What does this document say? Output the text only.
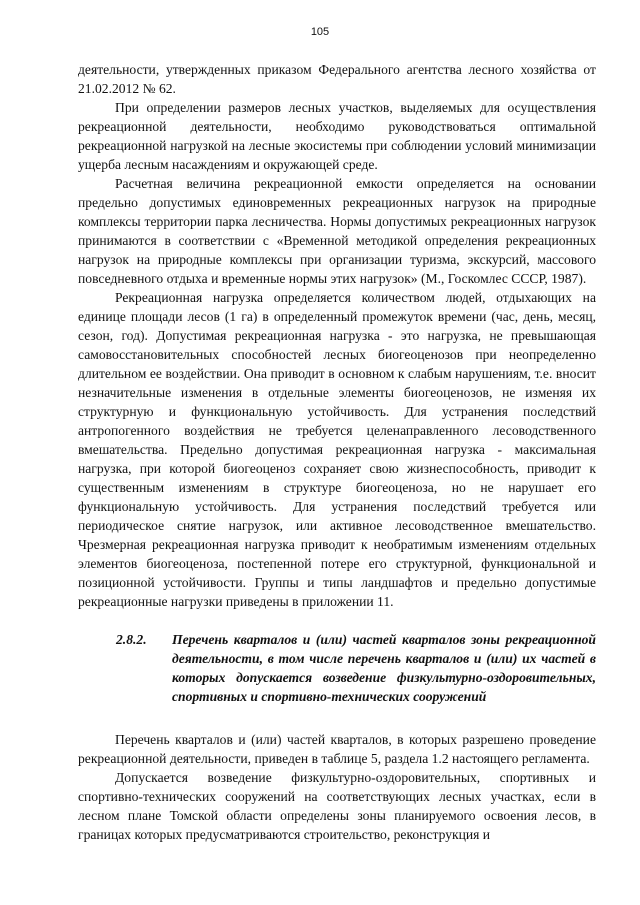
105

деятельности, утвержденных приказом Федерального агентства лесного хозяйства от 21.02.2012 № 62.

При определении размеров лесных участков, выделяемых для осуществления рекреационной деятельности, необходимо руководствоваться оптимальной рекреационной нагрузкой на лесные экосистемы при соблюдении условий минимизации ущерба лесным насаждениям и окружающей среде.

Расчетная величина рекреационной емкости определяется на основании предельно допустимых единовременных рекреационных нагрузок на природные комплексы территории парка лесничества. Нормы допустимых рекреационных нагрузок принимаются в соответствии с «Временной методикой определения рекреационных нагрузок на природные комплексы при организации туризма, экскурсий, массового повседневного отдыха и временные нормы этих нагрузок» (М., Госкомлес СССР, 1987).

Рекреационная нагрузка определяется количеством людей, отдыхающих на единице площади лесов (1 га) в определенный промежуток времени (час, день, месяц, сезон, год). Допустимая рекреационная нагрузка - это нагрузка, не превышающая самовосстановительных способностей лесных биогеоценозов при неопределенно длительном ее воздействии. Она приводит в основном к слабым нарушениям, т.е. вносит незначительные изменения в отдельные элементы биогеоценозов, не изменяя их структурную и функциональную устойчивость. Для устранения последствий антропогенного воздействия не требуется целенаправленного лесоводственного вмешательства. Предельно допустимая рекреационная нагрузка - максимальная нагрузка, при которой биогеоценоз сохраняет свою жизнеспособность, приводит к существенным изменениям в структуре биогеоценоза, но не нарушает его функциональную устойчивость. Для устранения последствий требуется или периодическое снятие нагрузок, или активное лесоводственное вмешательство. Чрезмерная рекреационная нагрузка приводит к необратимым изменениям отдельных элементов биогеоценоза, постепенной потере его структурной, функциональной и позиционной устойчивости. Группы и типы ландшафтов и предельно допустимые рекреационные нагрузки приведены в приложении 11.

2.8.2.	Перечень кварталов и (или) частей кварталов зоны рекреационной деятельности, в том числе перечень кварталов и (или) их частей в которых допускается возведение физкультурно-оздоровительных, спортивных и спортивно-технических сооружений

Перечень кварталов и (или) частей кварталов, в которых разрешено проведение рекреационной деятельности, приведен в таблице 5, раздела 1.2 настоящего регламента.

Допускается возведение физкультурно-оздоровительных, спортивных и спортивно-технических сооружений на соответствующих лесных участках, если в лесном плане Томской области определены зоны планируемого освоения лесов, в границах которых предусматриваются строительство, реконструкция и
